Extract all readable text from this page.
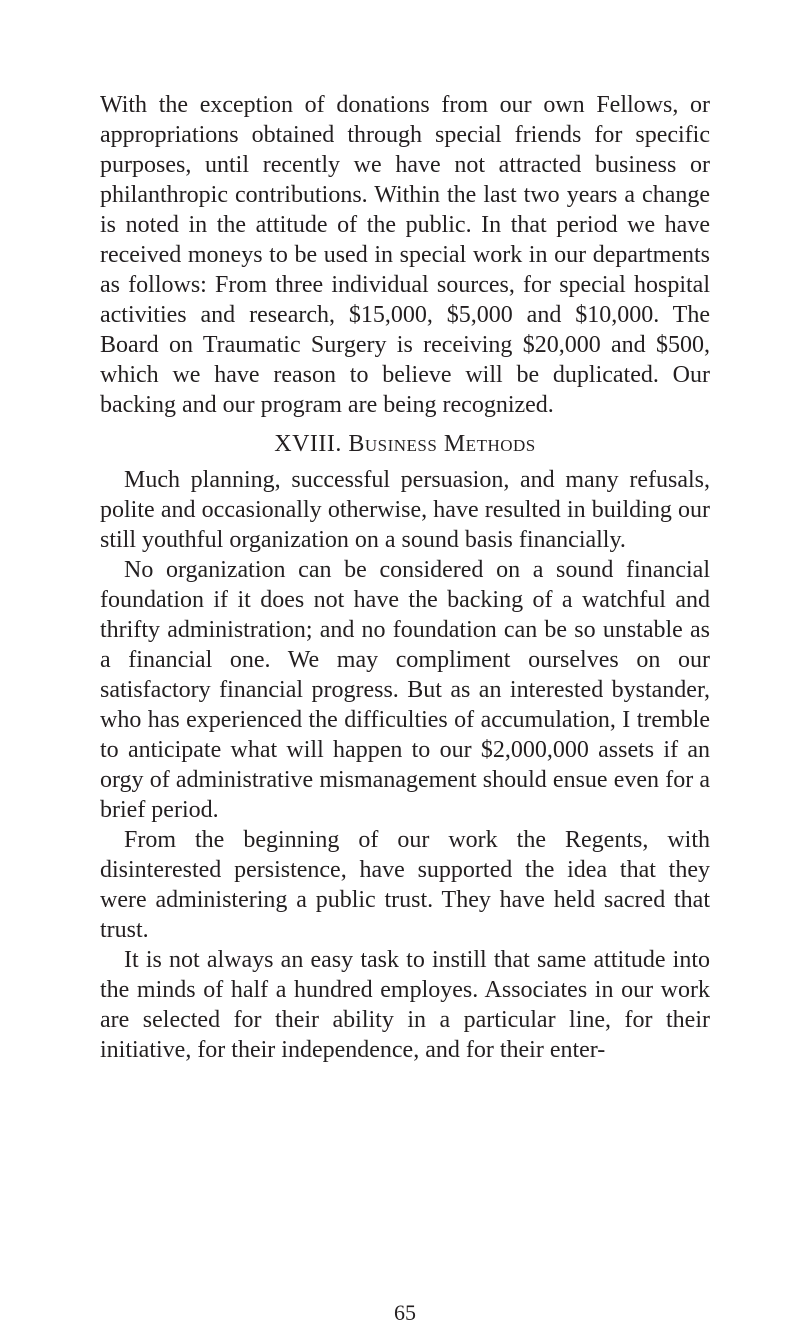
With the exception of donations from our own Fellows, or appropriations obtained through special friends for specific purposes, until recently we have not attracted business or philanthropic contributions. Within the last two years a change is noted in the attitude of the public. In that period we have received moneys to be used in special work in our departments as follows: From three individual sources, for special hospital activities and research, $15,000, $5,000 and $10,000. The Board on Traumatic Surgery is receiving $20,000 and $500, which we have reason to believe will be duplicated. Our backing and our program are being recognized.

XVIII. Business Methods

Much planning, successful persuasion, and many refusals, polite and occasionally otherwise, have resulted in building our still youthful organization on a sound basis financially.

No organization can be considered on a sound financial foundation if it does not have the backing of a watchful and thrifty administration; and no foundation can be so unstable as a financial one. We may compliment ourselves on our satisfactory financial progress. But as an interested bystander, who has experienced the difficulties of accumulation, I tremble to anticipate what will happen to our $2,000,000 assets if an orgy of administrative mismanagement should ensue even for a brief period.

From the beginning of our work the Regents, with disinterested persistence, have supported the idea that they were administering a public trust. They have held sacred that trust.

It is not always an easy task to instill that same attitude into the minds of half a hundred employes. Associates in our work are selected for their ability in a particular line, for their initiative, for their independence, and for their enter-

65
